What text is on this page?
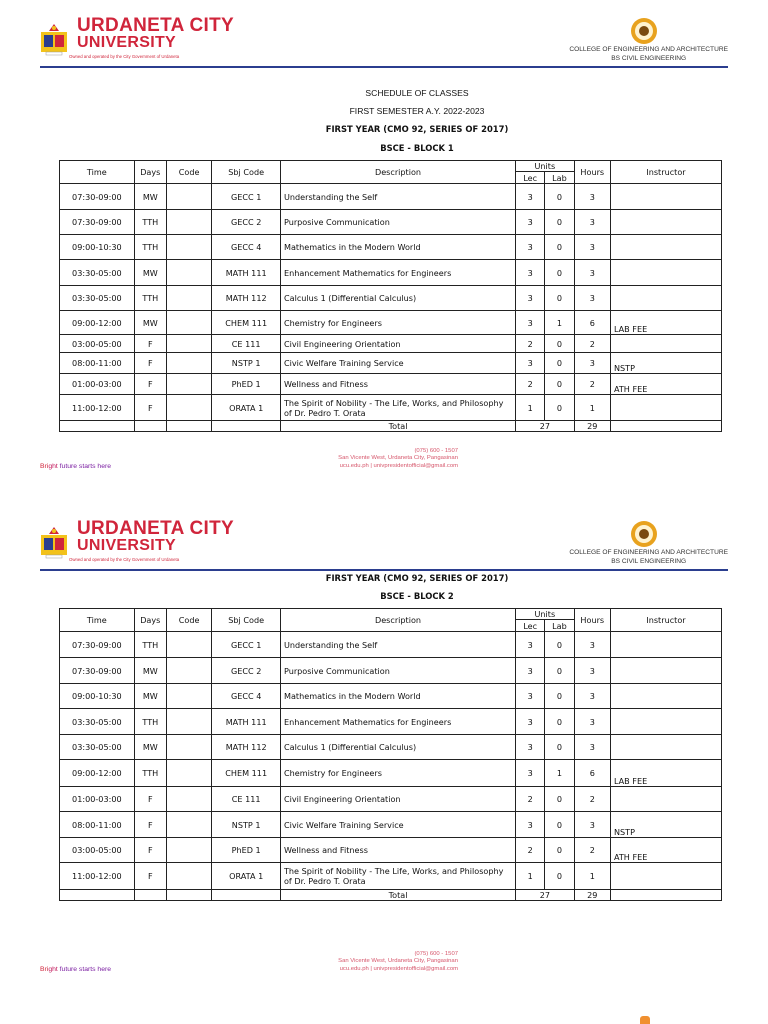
URDANETA CITY
UNIVERSITY
Owned and operated by the City Government of Urdaneta
COLLEGE OF ENGINEERING AND ARCHITECTURE
BS CIVIL ENGINEERING
SCHEDULE OF CLASSES
FIRST SEMESTER A.Y. 2022-2023
FIRST YEAR (CMO 92, SERIES OF 2017)
BSCE - BLOCK 1
Time	Days	Code	Sbj Code	Description	Units		Hours	Instructor
					Lec	Lab		
07:30-09:00	MW		GECC 1	Understanding the Self	3	0	3	
07:30-09:00	TTH		GECC 2	Purposive Communication	3	0	3	
09:00-10:30	TTH		GECC 4	Mathematics in the Modern World	3	0	3	
03:30-05:00	MW		MATH 111	Enhancement Mathematics for Engineers	3	0	3	
03:30-05:00	TTH		MATH 112	Calculus 1 (Differential Calculus)	3	0	3	
09:00-12:00	MW		CHEM 111	Chemistry for Engineers	3	1	6	LAB FEE
03:00-05:00	F		CE 111	Civil Engineering Orientation	2	0	2	
08:00-11:00	F		NSTP 1	Civic Welfare Training Service	3	0	3	NSTP
01:00-03:00	F		PhED 1	Wellness and Fitness	2	0	2	ATH FEE
11:00-12:00	F		ORATA 1	The Spirit of Nobility - The Life, Works, and Philosophy of Dr. Pedro T. Orata	1	0	1	
				Total	27		29	
Bright future starts here
(075) 600 - 1507
San Vicente West, Urdaneta City, Pangasinan
ucu.edu.ph | univpresidentofficial@gmail.com
URDANETA CITY
UNIVERSITY
Owned and operated by the City Government of Urdaneta
COLLEGE OF ENGINEERING AND ARCHITECTURE
BS CIVIL ENGINEERING
FIRST YEAR (CMO 92, SERIES OF 2017)
BSCE - BLOCK 2
Time	Days	Code	Sbj Code	Description	Units		Hours	Instructor
					Lec	Lab		
07:30-09:00	TTH		GECC 1	Understanding the Self	3	0	3	
07:30-09:00	MW		GECC 2	Purposive Communication	3	0	3	
09:00-10:30	MW		GECC 4	Mathematics in the Modern World	3	0	3	
03:30-05:00	TTH		MATH 111	Enhancement Mathematics for Engineers	3	0	3	
03:30-05:00	MW		MATH 112	Calculus 1 (Differential Calculus)	3	0	3	
09:00-12:00	TTH		CHEM 111	Chemistry for Engineers	3	1	6	LAB FEE
01:00-03:00	F		CE 111	Civil Engineering Orientation	2	0	2	
08:00-11:00	F		NSTP 1	Civic Welfare Training Service	3	0	3	NSTP
03:00-05:00	F		PhED 1	Wellness and Fitness	2	0	2	ATH FEE
11:00-12:00	F		ORATA 1	The Spirit of Nobility - The Life, Works, and Philosophy of Dr. Pedro T. Orata	1	0	1	
				Total	27		29	
Bright future starts here
(075) 600 - 1507
San Vicente West, Urdaneta City, Pangasinan
ucu.edu.ph | univpresidentofficial@gmail.com
